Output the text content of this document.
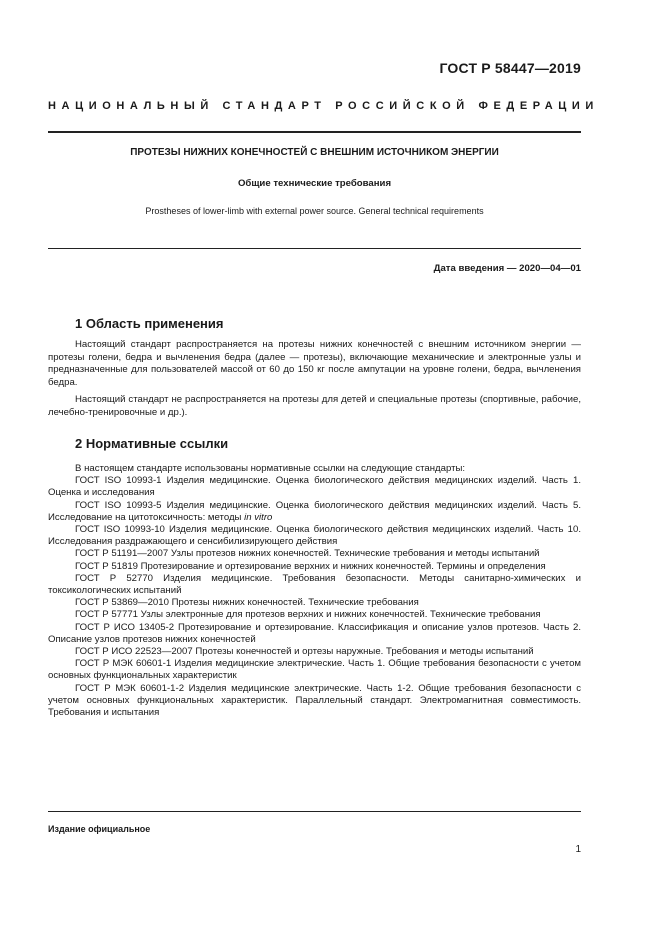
ГОСТ Р 58447—2019
НАЦИОНАЛЬНЫЙ СТАНДАРТ РОССИЙСКОЙ ФЕДЕРАЦИИ
ПРОТЕЗЫ НИЖНИХ КОНЕЧНОСТЕЙ С ВНЕШНИМ ИСТОЧНИКОМ ЭНЕРГИИ
Общие технические требования
Prostheses of lower-limb with external power source. General technical requirements
Дата введения — 2020—04—01
1 Область применения
Настоящий стандарт распространяется на протезы нижних конечностей с внешним источником энергии — протезы голени, бедра и вычленения бедра (далее — протезы), включающие механические и электронные узлы и предназначенные для пользователей массой от 60 до 150 кг после ампутации на уровне голени, бедра, вычленения бедра.
Настоящий стандарт не распространяется на протезы для детей и специальные протезы (спортивные, рабочие, лечебно-тренировочные и др.).
2 Нормативные ссылки
В настоящем стандарте использованы нормативные ссылки на следующие стандарты:
ГОСТ ISO 10993-1 Изделия медицинские. Оценка биологического действия медицинских изделий. Часть 1. Оценка и исследования
ГОСТ ISO 10993-5 Изделия медицинские. Оценка биологического действия медицинских изделий. Часть 5. Исследование на цитотоксичность: методы in vitro
ГОСТ ISO 10993-10 Изделия медицинские. Оценка биологического действия медицинских изделий. Часть 10. Исследования раздражающего и сенсибилизирующего действия
ГОСТ Р 51191—2007 Узлы протезов нижних конечностей. Технические требования и методы испытаний
ГОСТ Р 51819 Протезирование и ортезирование верхних и нижних конечностей. Термины и определения
ГОСТ Р 52770 Изделия медицинские. Требования безопасности. Методы санитарно-химических и токсикологических испытаний
ГОСТ Р 53869—2010 Протезы нижних конечностей. Технические требования
ГОСТ Р 57771 Узлы электронные для протезов верхних и нижних конечностей. Технические требования
ГОСТ Р ИСО 13405-2 Протезирование и ортезирование. Классификация и описание узлов протезов. Часть 2. Описание узлов протезов нижних конечностей
ГОСТ Р ИСО 22523—2007 Протезы конечностей и ортезы наружные. Требования и методы испытаний
ГОСТ Р МЭК 60601-1 Изделия медицинские электрические. Часть 1. Общие требования безопасности с учетом основных функциональных характеристик
ГОСТ Р МЭК 60601-1-2 Изделия медицинские электрические. Часть 1-2. Общие требования безопасности с учетом основных функциональных характеристик. Параллельный стандарт. Электромагнитная совместимость. Требования и испытания
Издание официальное
1
